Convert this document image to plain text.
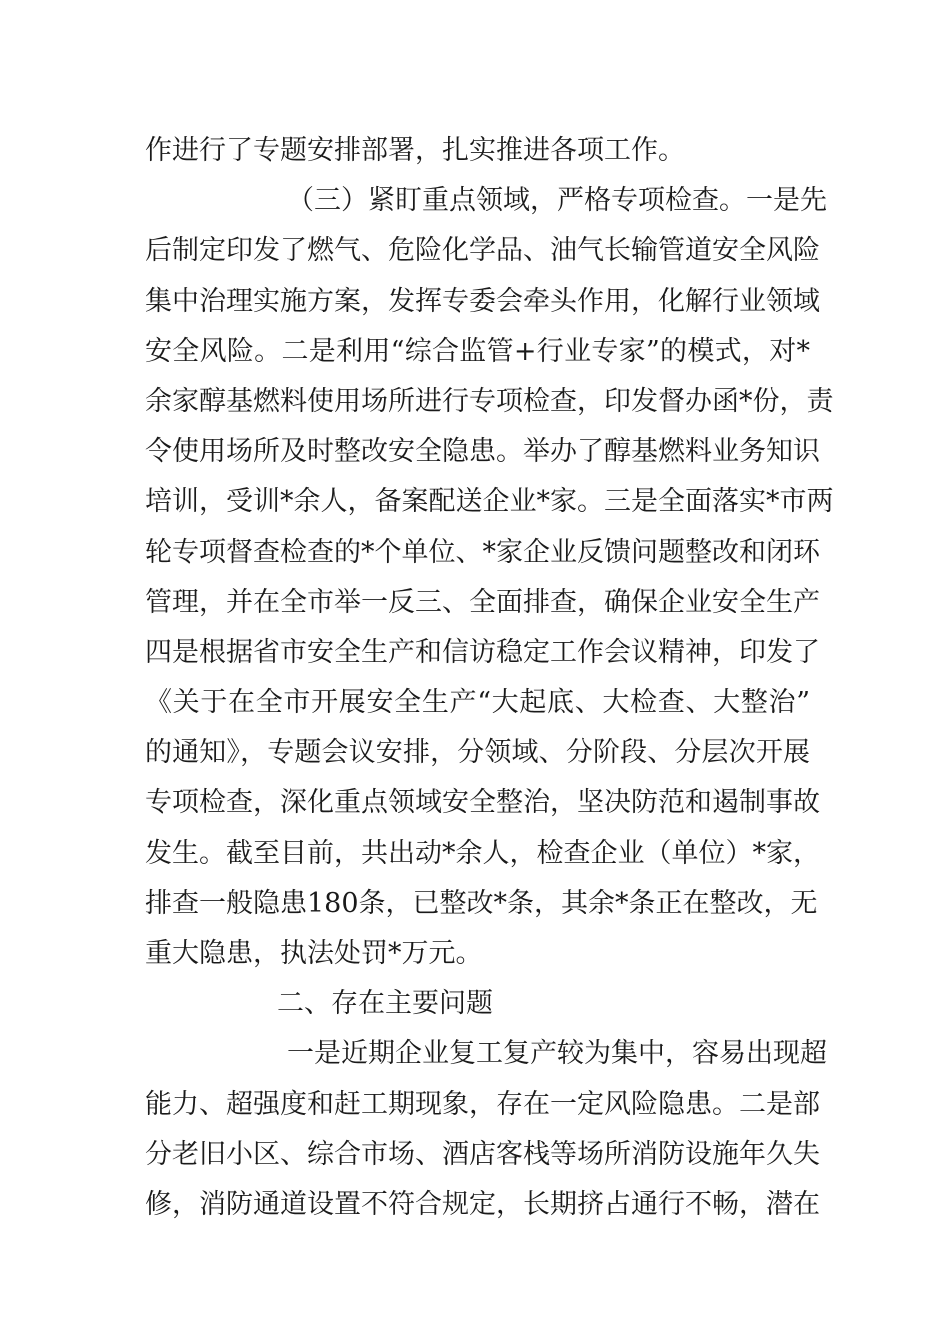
作进行了专题安排部署，扎实推进各项工作。
（三）紧盯重点领域，严格专项检查。一是先
后制定印发了燃气、危险化学品、油气长输管道安全风险
集中治理实施方案，发挥专委会牵头作用，化解行业领域
安全风险。二是利用“综合监管+行业专家”的模式，对*
余家醇基燃料使用场所进行专项检查，印发督办函*份，责
令使用场所及时整改安全隐患。举办了醇基燃料业务知识
培训，受训*余人，备案配送企业*家。三是全面落实*市两
轮专项督查检查的*个单位、*家企业反馈问题整改和闭环
管理，并在全市举一反三、全面排查，确保企业安全生产
四是根据省市安全生产和信访稳定工作会议精神，印发了
《关于在全市开展安全生产“大起底、大检查、大整治”
的通知》，专题会议安排，分领域、分阶段、分层次开展
专项检查，深化重点领域安全整治，坚决防范和遏制事故
发生。截至目前，共出动*余人，检查企业（单位）*家，
排查一般隐患180条，已整改*条，其余*条正在整改，无
重大隐患，执法处罚*万元。
二、存在主要问题
一是近期企业复工复产较为集中，容易出现超
能力、超强度和赶工期现象，存在一定风险隐患。二是部
分老旧小区、综合市场、酒店客栈等场所消防设施年久失
修，消防通道设置不符合规定，长期挤占通行不畅，潜在
